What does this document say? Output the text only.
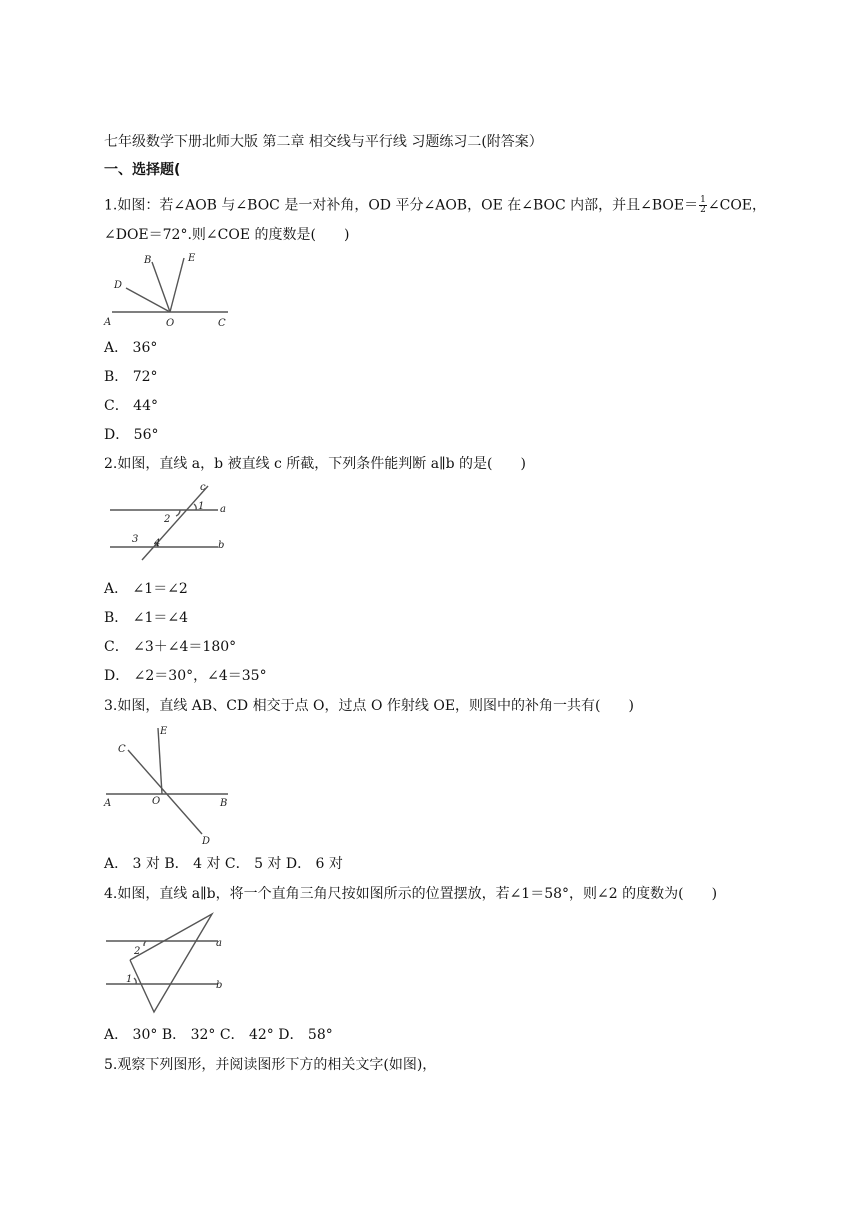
七年级数学下册北师大版 第二章 相交线与平行线 习题练习二(附答案）
一、选择题(
1.如图：若∠AOB 与∠BOC 是一对补角，OD 平分∠AOB，OE 在∠BOC 内部，并且∠BOE＝ $\frac{1}{2}$ ∠COE，
∠DOE＝72°.则∠COE 的度数是(　　)
B	E
D
A	O	C
A． 36°
B． 72°
C． 44°
D． 56°
2.如图，直线 a，b 被直线 c 所截，下列条件能判断 a∥b 的是(　　)
c
1 a
2
3 4	b
A． ∠1＝∠2
B． ∠1＝∠4
C． ∠3＋∠4＝180°
D． ∠2＝30°，∠4＝35°
3.如图，直线 AB、CD 相交于点 O，过点 O 作射线 OE，则图中的补角一共有(　　)
E
C
A	O	B
D
A． 3 对 B． 4 对 C． 5 对 D． 6 对
4.如图，直线 a∥b，将一个直角三角尺按如图所示的位置摆放，若∠1＝58°，则∠2 的度数为(　　)
2
a
1
b
A． 30° B． 32° C． 42° D． 58°
5.观察下列图形，并阅读图形下方的相关文字(如图)，
